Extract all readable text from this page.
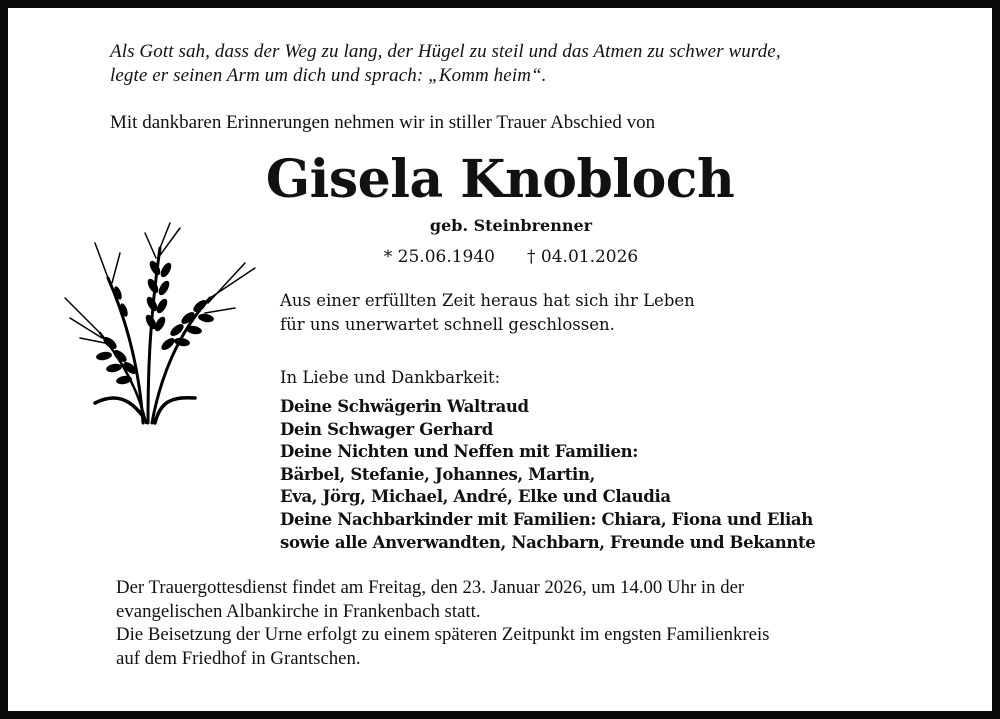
Als Gott sah, dass der Weg zu lang, der Hügel zu steil und das Atmen zu schwer wurde,
legte er seinen Arm um dich und sprach: „Komm heim“.
Mit dankbaren Erinnerungen nehmen wir in stiller Trauer Abschied von
Gisela Knobloch
geb. Steinbrenner
* 25.06.1940 † 04.01.2026
Aus einer erfüllten Zeit heraus hat sich ihr Leben
für uns unerwartet schnell geschlossen.
In Liebe und Dankbarkeit:
Deine Schwägerin Waltraud
Dein Schwager Gerhard
Deine Nichten und Neffen mit Familien:
Bärbel, Stefanie, Johannes, Martin,
Eva, Jörg, Michael, André, Elke und Claudia
Deine Nachbarkinder mit Familien: Chiara, Fiona und Eliah
sowie alle Anverwandten, Nachbarn, Freunde und Bekannte
Der Trauergottesdienst findet am Freitag, den 23. Januar 2026, um 14.00 Uhr in der
evangelischen Albankirche in Frankenbach statt.
Die Beisetzung der Urne erfolgt zu einem späteren Zeitpunkt im engsten Familienkreis
auf dem Friedhof in Grantschen.
